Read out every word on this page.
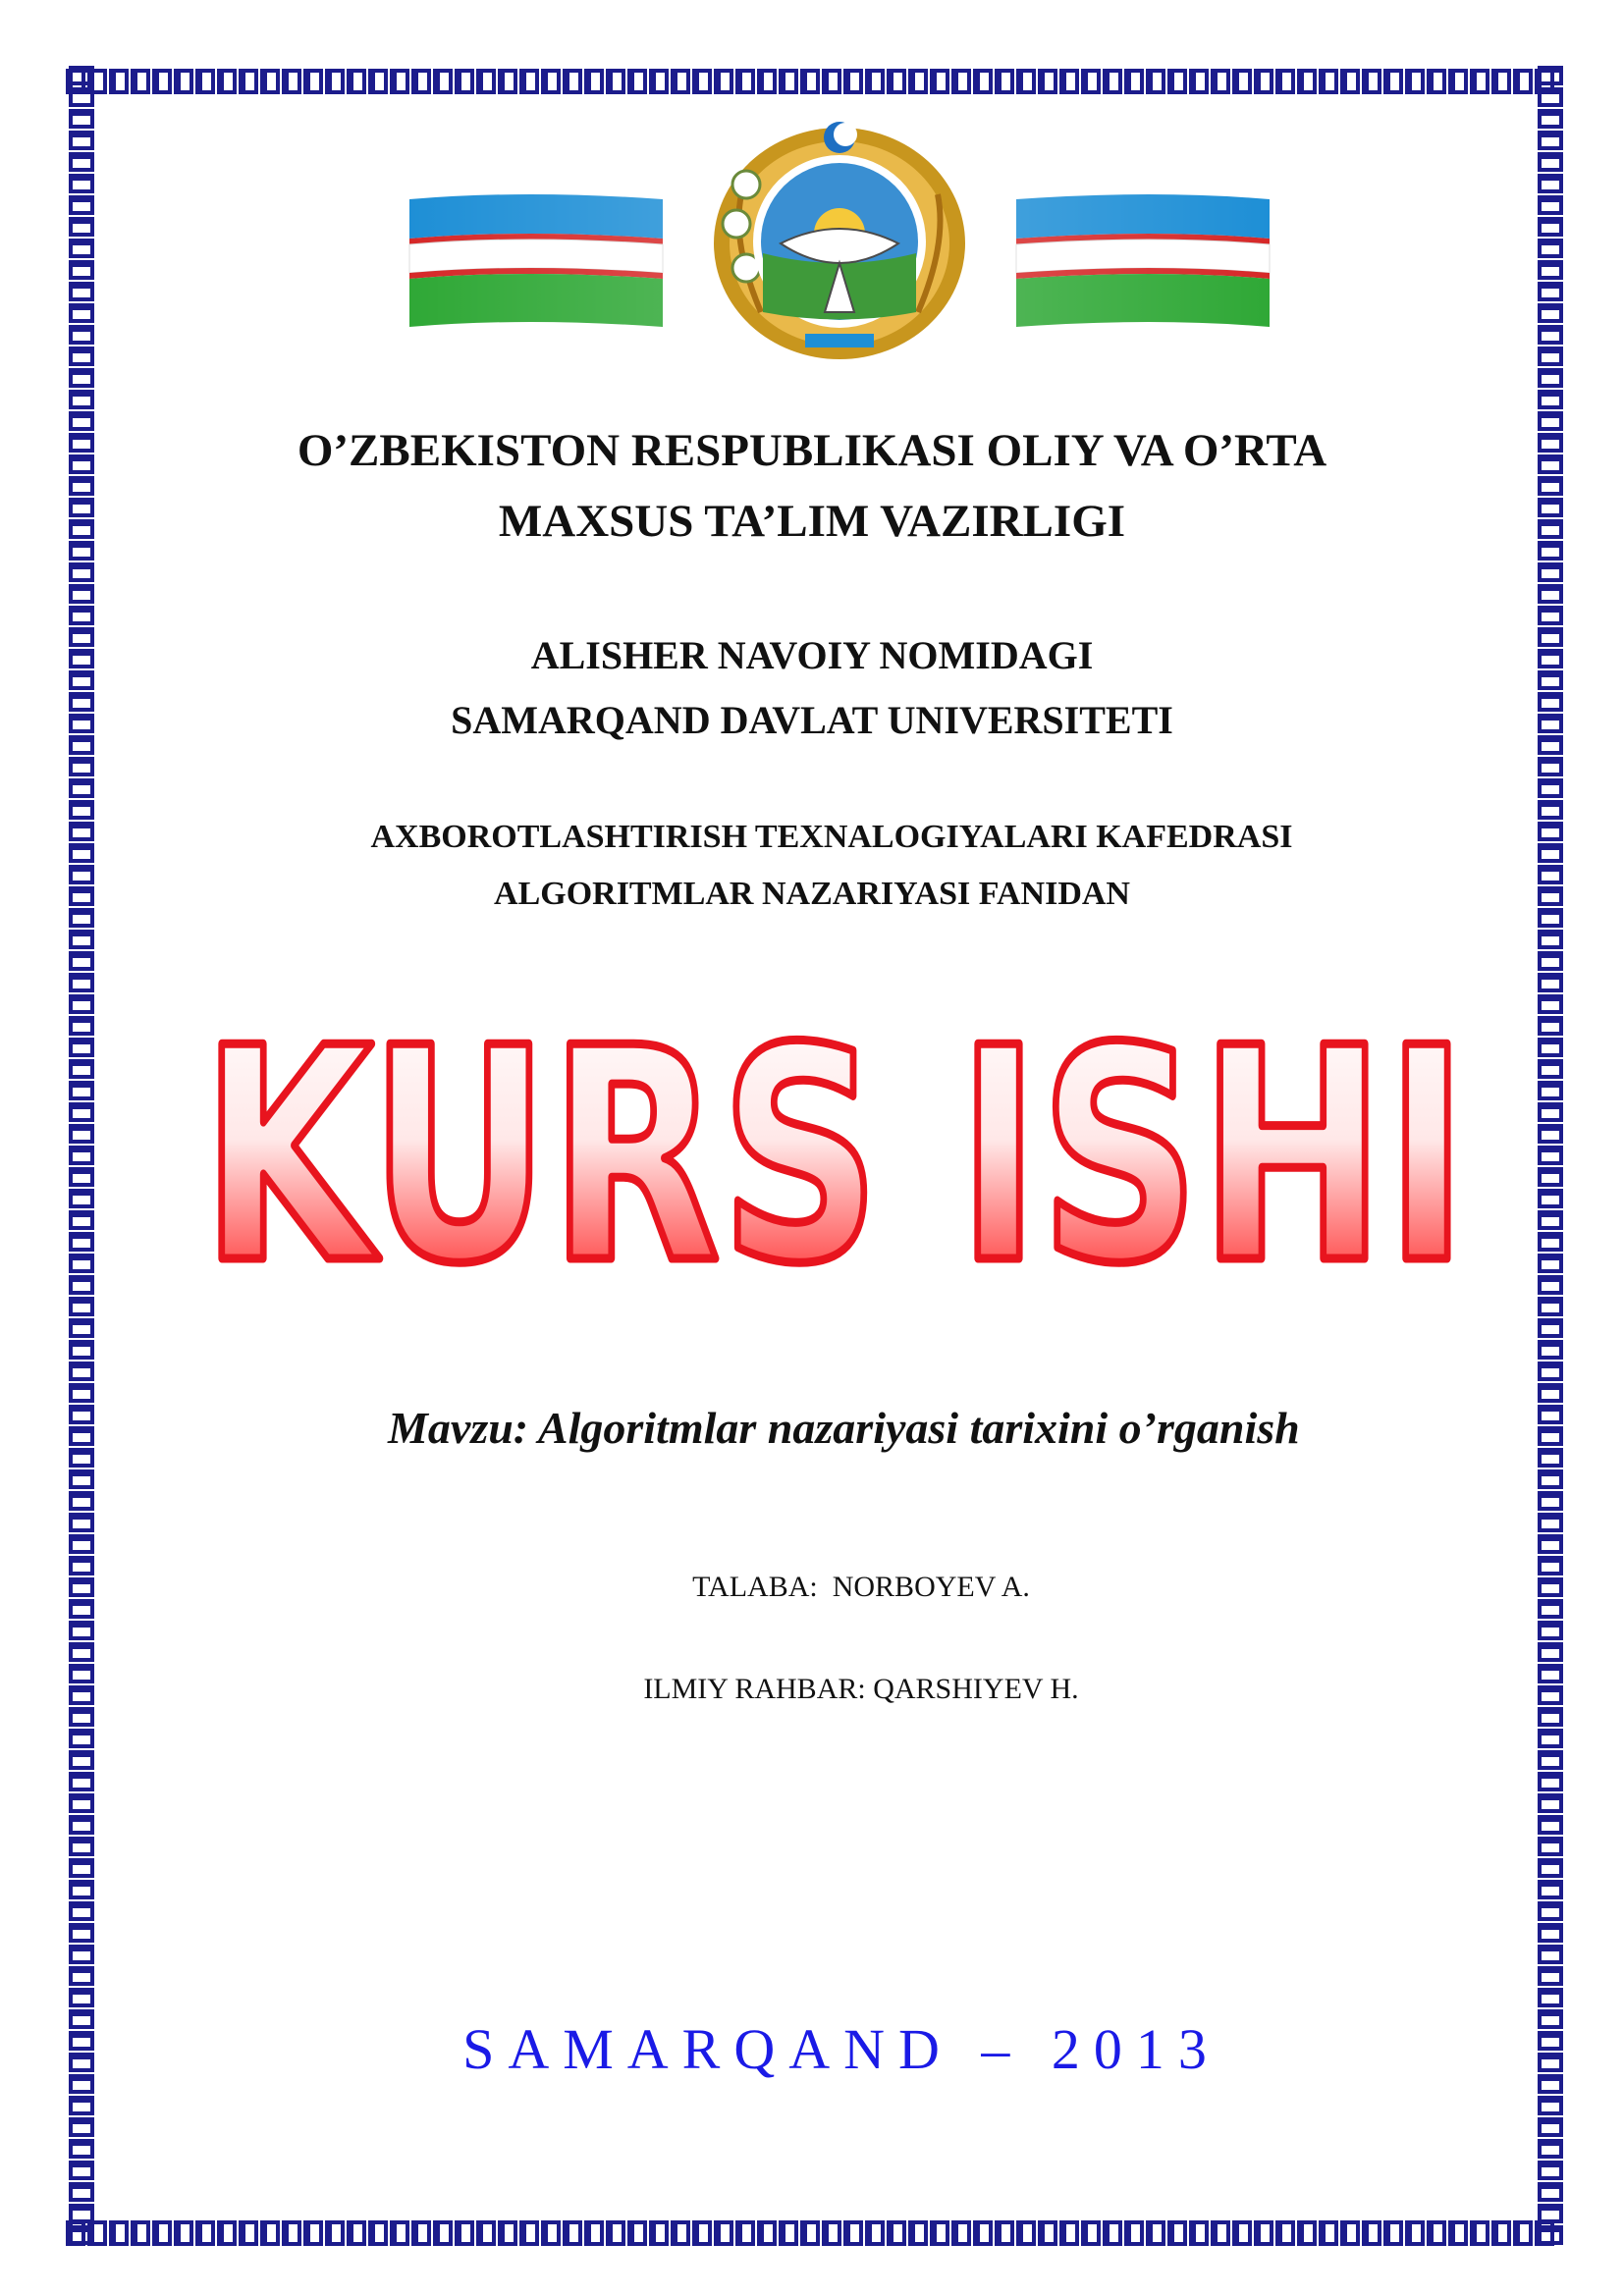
O’ZBEKISTON RESPUBLIKASI OLIY VA O’RTA
MAXSUS TA’LIM VAZIRLIGI
ALISHER NAVOIY NOMIDAGI
SAMARQAND DAVLAT UNIVERSITETI
AXBOROTLASHTIRISH TEXNALOGIYALARI KAFEDRASI
ALGORITMLAR NAZARIYASI FANIDAN
KURS ISHI
Mavzu: Algoritmlar nazariyasi tarixini o’rganish
TALABA:  NORBOYEV A.
ILMIY RAHBAR: QARSHIYEV H.
SAMARQAND – 2013
